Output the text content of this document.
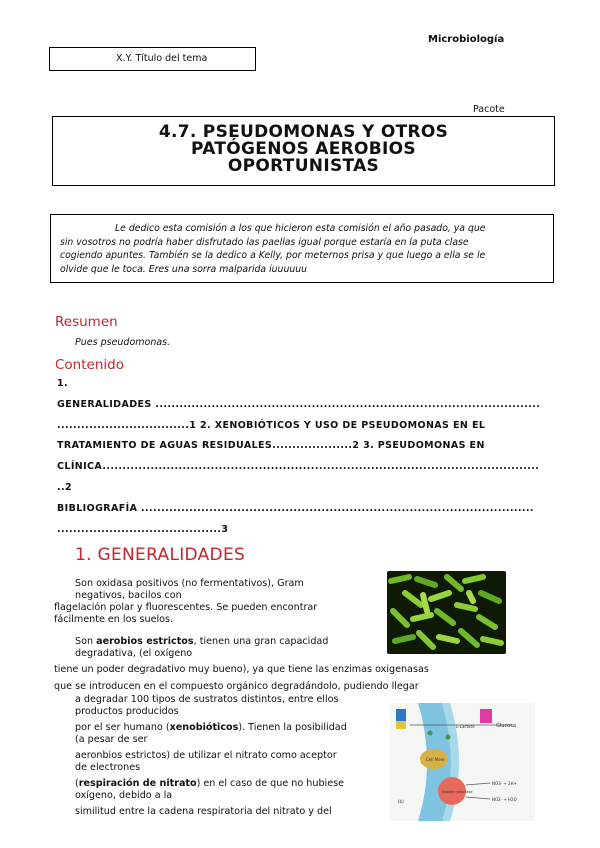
Microbiología
X.Y. Título del tema
Pacote
4.7. PSEUDOMONAS Y OTROS
PATÓGENOS AEROBIOS
OPORTUNISTAS
Le dedico esta comisión a los que hicieron esta comisión el año pasado, ya que
sin vosotros no podría haber disfrutado las paellas igual porque estaría en la puta clase
cogiendo apuntes. También se la dedico a Kelly, por meternos prisa y que luego a ella se le
olvide que le toca. Eres una sorra malparida iuuuuuu
Resumen
Pues pseudomonas.
Contenido
1.
GENERALIDADES ................................................................................................
.................................1 2. XENOBIÓTICOS Y USO DE PSEUDOMONAS EN EL
TRATAMIENTO DE AGUAS RESIDUALES....................2 3. PSEUDOMONAS EN
CLÍNICA.............................................................................................................
..2
BIBLIOGRAFÍA ..................................................................................................
.........................................3
1. GENERALIDADES
Son oxidasa positivos (no fermentativos), Gram
negativos, bacilos con
flagelación polar y fluorescentes. Se pueden encontrar
fácilmente en los suelos.
Son aerobios estrictos, tienen una gran capacidad
degradativa, (el oxígeno
tiene un poder degradativo muy bueno), ya que tiene las enzimas oxigenasas
que se introducen en el compuesto orgánico degradándolo, pudiendo llegar
a degradar 100 tipos de sustratos distintos, entre ellos
productos producidos
por el ser humano (xenobióticos). Tienen la posibilidad
(a pesar de ser
aeronbios estrictos) de utilizar el nitrato como aceptor
de electrones
(respiración de nitrato) en el caso de que no hubiese
oxígeno, debido a la
similitud entre la cadena respiratoria del nitrato y del
Glucosa
L-Lactate
Cell Mem
Nitrate reductase
NO3- + 2H+
NO2- + H2O
(b)
